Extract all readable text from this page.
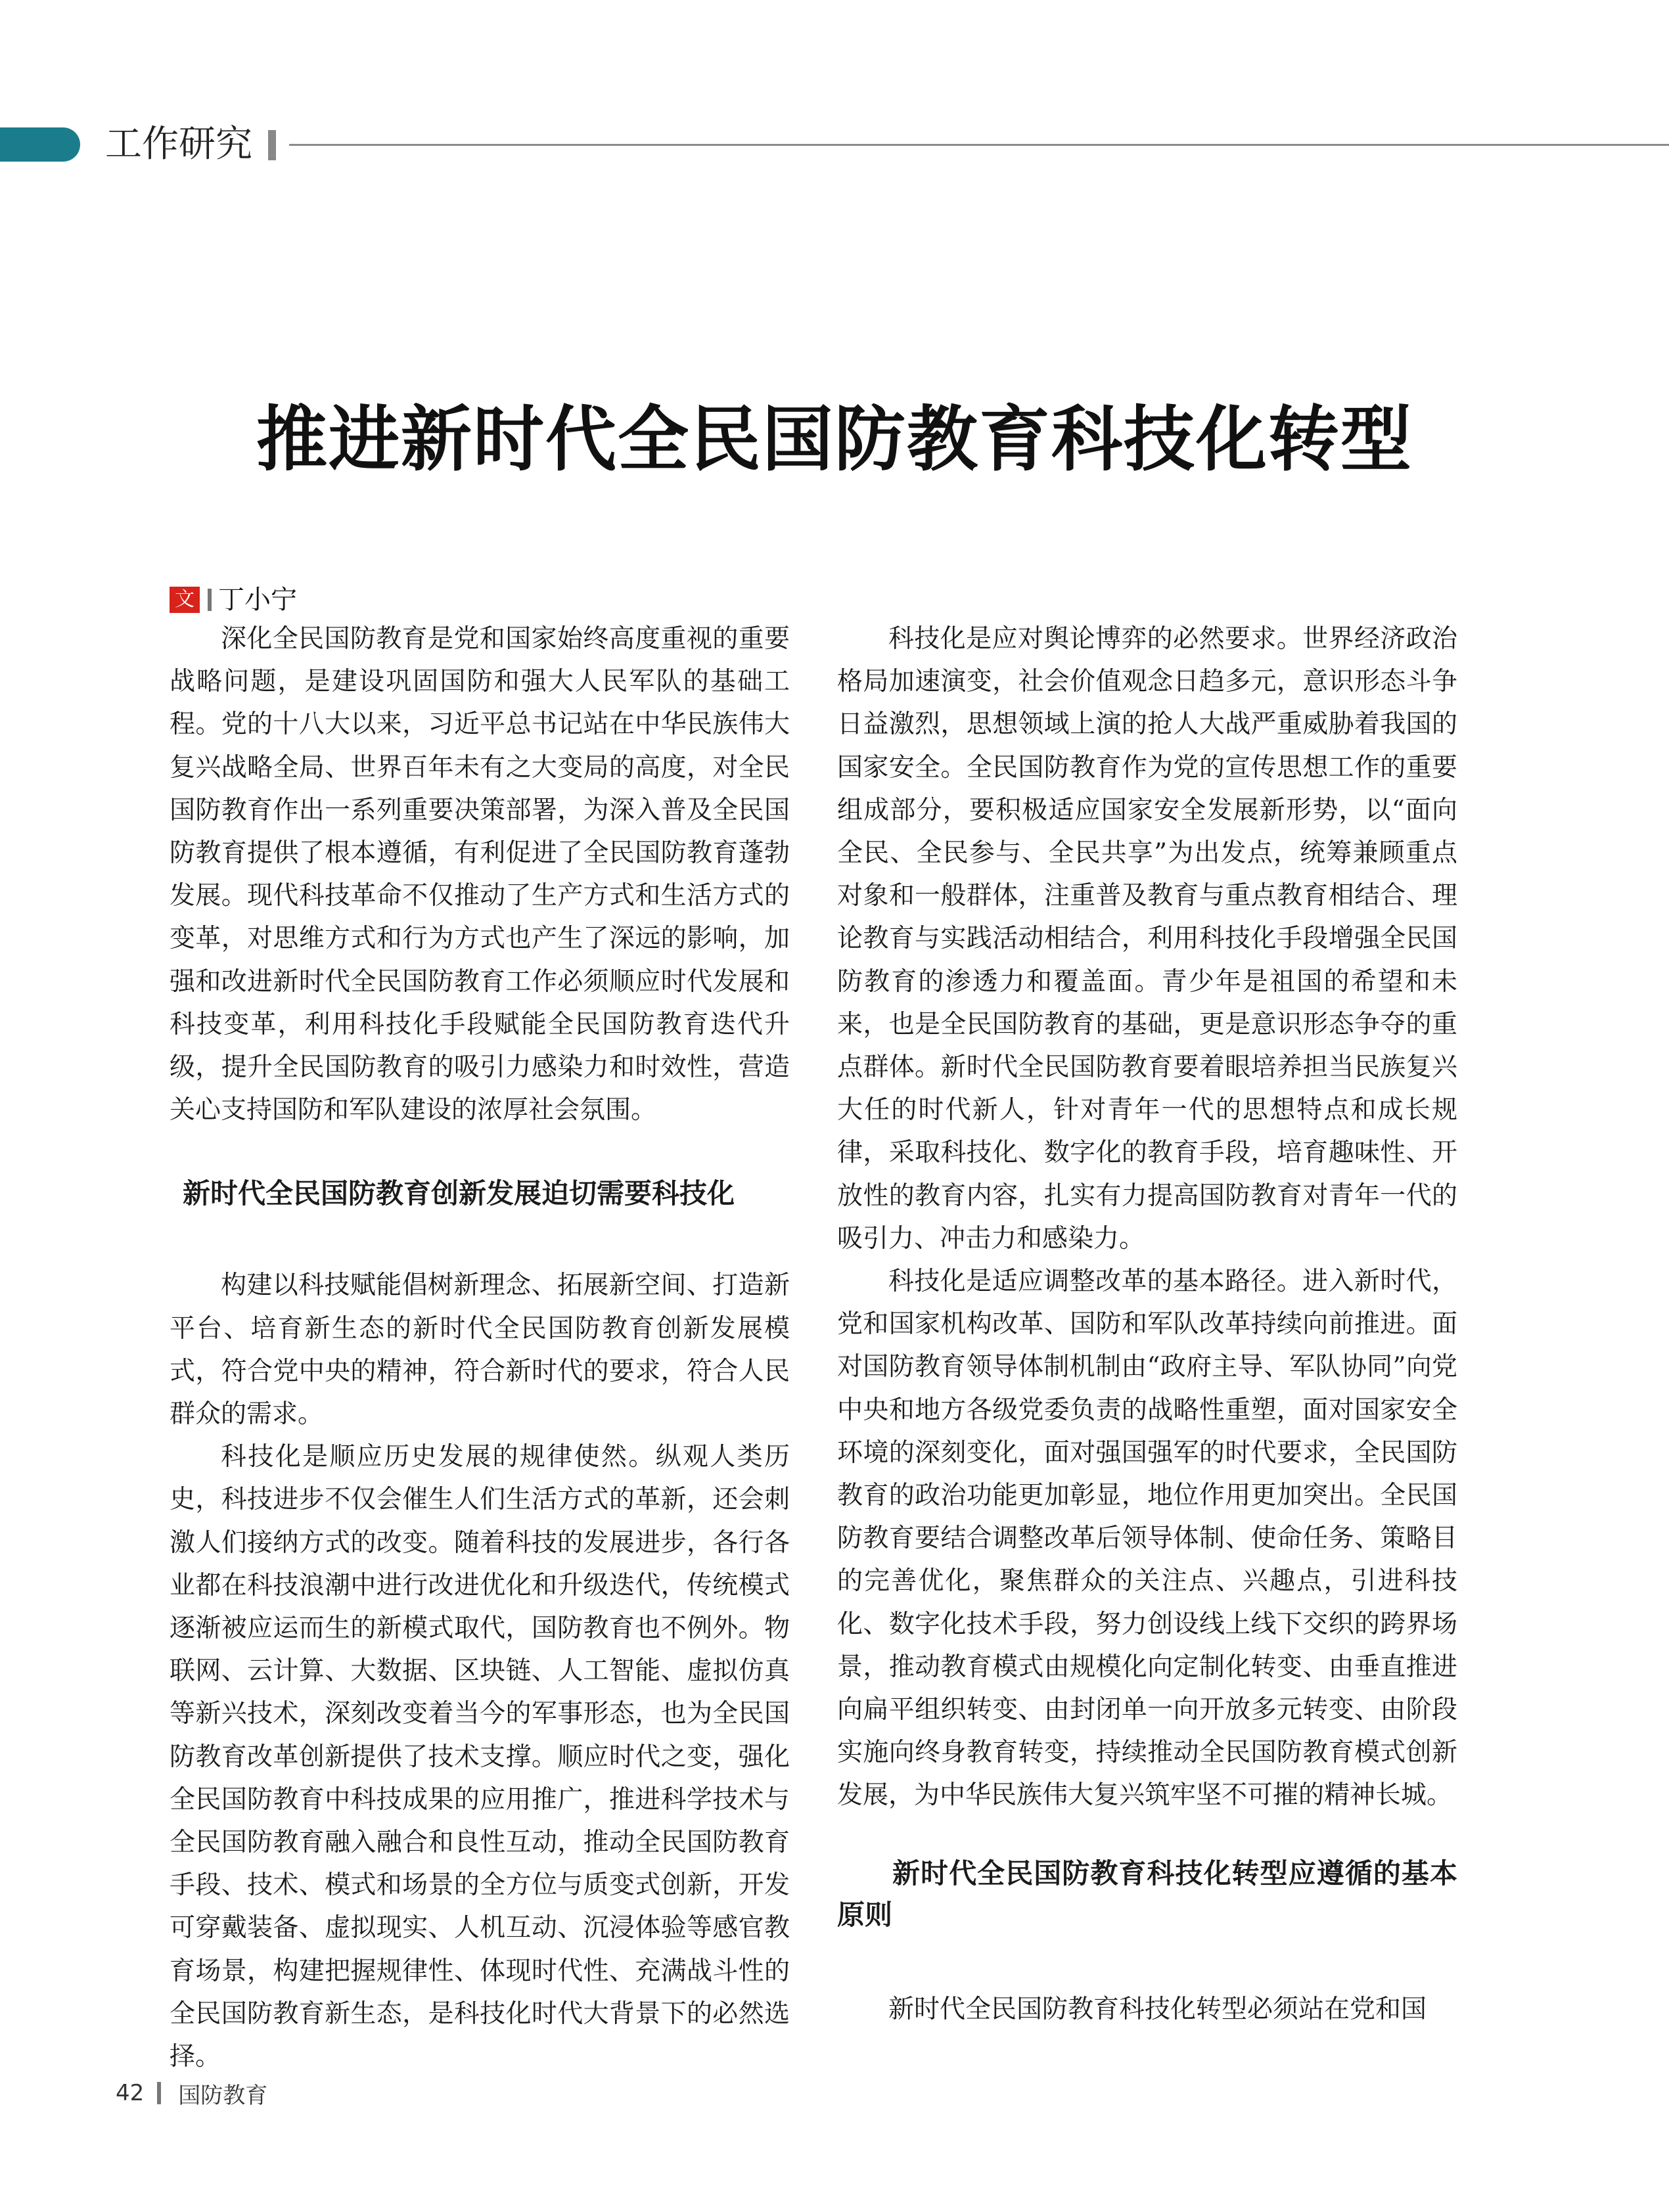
工作研究
推进新时代全民国防教育科技化转型
文 丁小宁

深化全民国防教育是党和国家始终高度重视的重要战略问题，是建设巩固国防和强大人民军队的基础工程。党的十八大以来，习近平总书记站在中华民族伟大复兴战略全局、世界百年未有之大变局的高度，对全民国防教育作出一系列重要决策部署，为深入普及全民国防教育提供了根本遵循，有利促进了全民国防教育蓬勃发展。现代科技革命不仅推动了生产方式和生活方式的变革，对思维方式和行为方式也产生了深远的影响，加强和改进新时代全民国防教育工作必须顺应时代发展和科技变革，利用科技化手段赋能全民国防教育迭代升级，提升全民国防教育的吸引力感染力和时效性，营造关心支持国防和军队建设的浓厚社会氛围。

新时代全民国防教育创新发展迫切需要科技化

构建以科技赋能倡树新理念、拓展新空间、打造新平台、培育新生态的新时代全民国防教育创新发展模式，符合党中央的精神，符合新时代的要求，符合人民群众的需求。

科技化是顺应历史发展的规律使然。纵观人类历史，科技进步不仅会催生人们生活方式的革新，还会刺激人们接纳方式的改变。随着科技的发展进步，各行各业都在科技浪潮中进行改进优化和升级迭代，传统模式逐渐被应运而生的新模式取代，国防教育也不例外。物联网、云计算、大数据、区块链、人工智能、虚拟仿真等新兴技术，深刻改变着当今的军事形态，也为全民国防教育改革创新提供了技术支撑。顺应时代之变，强化全民国防教育中科技成果的应用推广，推进科学技术与全民国防教育融入融合和良性互动，推动全民国防教育手段、技术、模式和场景的全方位与质变式创新，开发可穿戴装备、虚拟现实、人机互动、沉浸体验等感官教育场景，构建把握规律性、体现时代性、充满战斗性的全民国防教育新生态，是科技化时代大背景下的必然选择。

科技化是应对舆论博弈的必然要求。世界经济政治格局加速演变，社会价值观念日趋多元，意识形态斗争日益激烈，思想领域上演的抢人大战严重威胁着我国的国家安全。全民国防教育作为党的宣传思想工作的重要组成部分，要积极适应国家安全发展新形势，以“面向全民、全民参与、全民共享”为出发点，统筹兼顾重点对象和一般群体，注重普及教育与重点教育相结合、理论教育与实践活动相结合，利用科技化手段增强全民国防教育的渗透力和覆盖面。青少年是祖国的希望和未来，也是全民国防教育的基础，更是意识形态争夺的重点群体。新时代全民国防教育要着眼培养担当民族复兴大任的时代新人，针对青年一代的思想特点和成长规律，采取科技化、数字化的教育手段，培育趣味性、开放性的教育内容，扎实有力提高国防教育对青年一代的吸引力、冲击力和感染力。

科技化是适应调整改革的基本路径。进入新时代，党和国家机构改革、国防和军队改革持续向前推进。面对国防教育领导体制机制由“政府主导、军队协同”向党中央和地方各级党委负责的战略性重塑，面对国家安全环境的深刻变化，面对强国强军的时代要求，全民国防教育的政治功能更加彰显，地位作用更加突出。全民国防教育要结合调整改革后领导体制、使命任务、策略目的完善优化，聚焦群众的关注点、兴趣点，引进科技化、数字化技术手段，努力创设线上线下交织的跨界场景，推动教育模式由规模化向定制化转变、由垂直推进向扁平组织转变、由封闭单一向开放多元转变、由阶段实施向终身教育转变，持续推动全民国防教育模式创新发展，为中华民族伟大复兴筑牢坚不可摧的精神长城。

新时代全民国防教育科技化转型应遵循的基本原则

新时代全民国防教育科技化转型必须站在党和国

42 国防教育
